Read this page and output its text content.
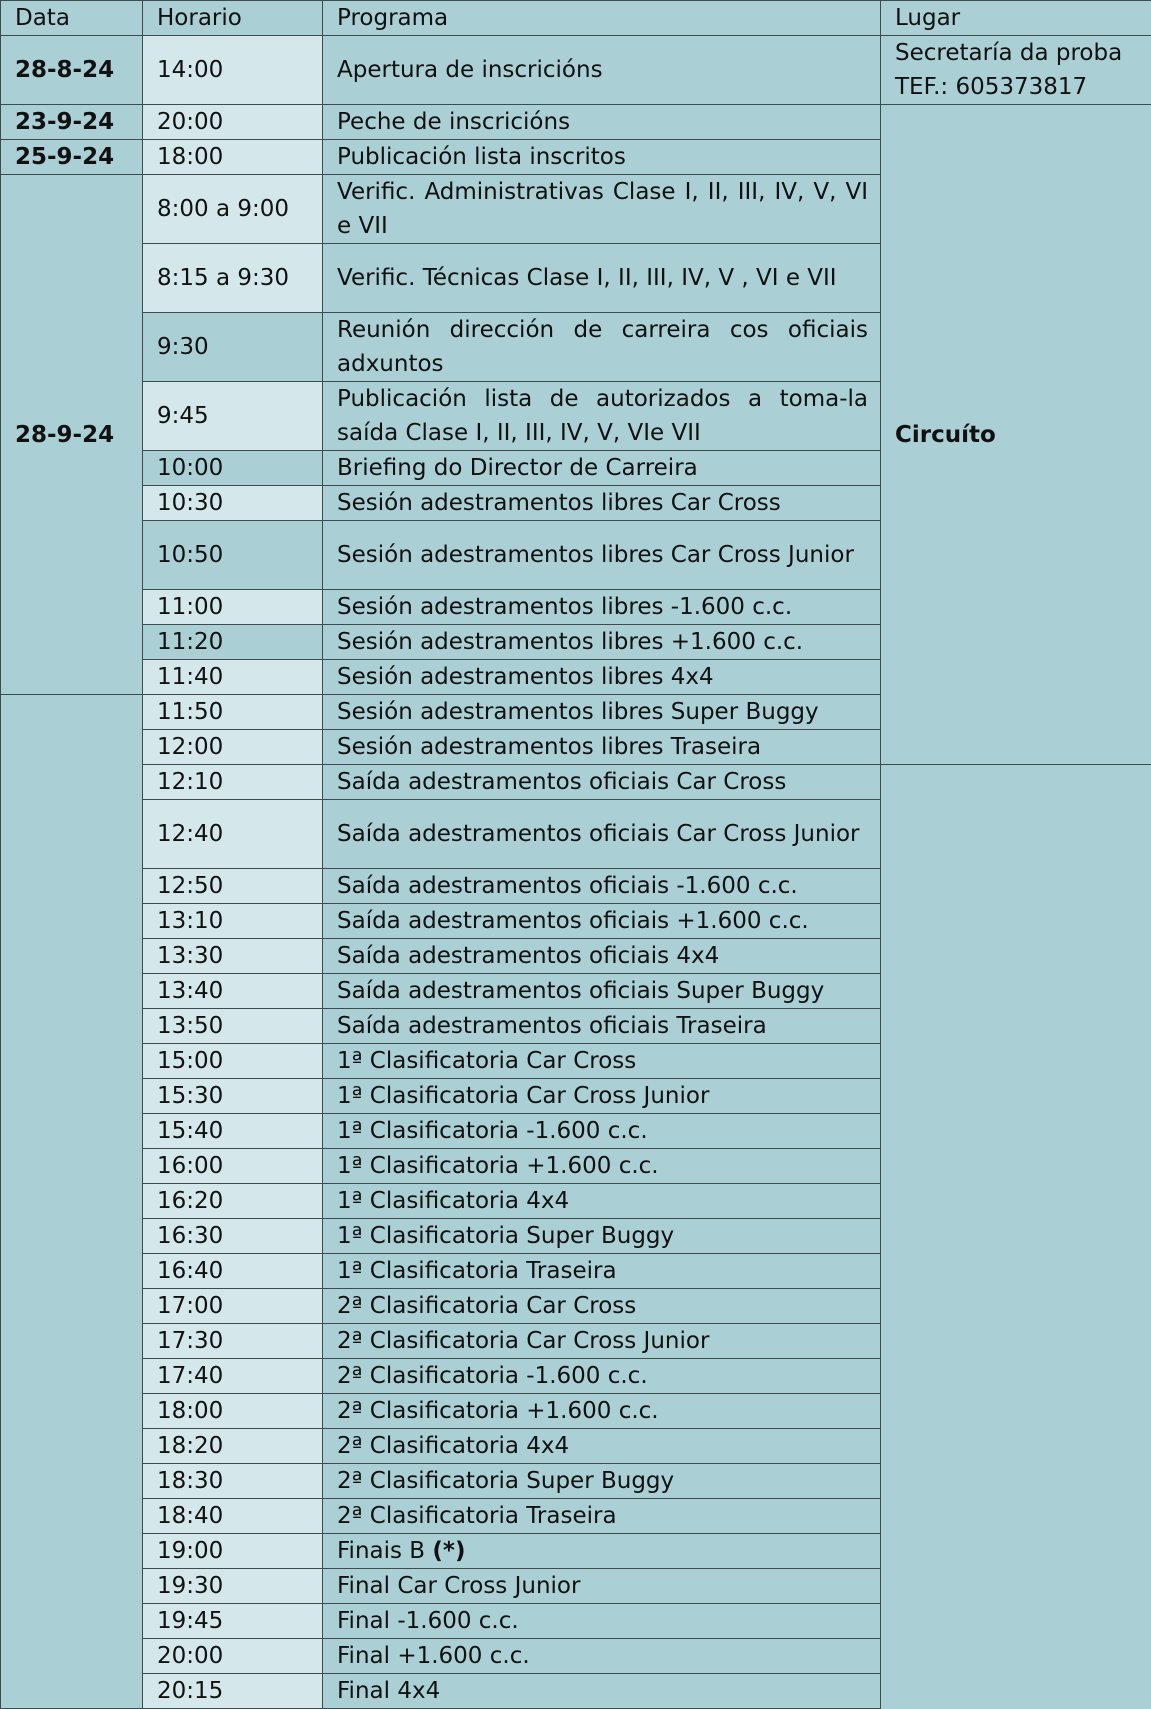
Data	Horario	Programa	Lugar	
28-8-24	14:00	Apertura de inscricións	Secretaría da proba
TEF.: 605373817	

23-9-24	20:00	Peche de inscricións	Circuíto	
25-9-24	18:00	Publicación lista inscritos		
28-9-24	8:00 a 9:00	Verific. Administrativas Clase I, II, III, IV, V, VI e VII		
	8:15 a 9:30	Verific. Técnicas Clase I, II, III, IV, V , VI e VII		
	9:30	Reunión dirección de carreira cos oficiais adxuntos		
	9:45	Publicación lista de autorizados a toma-la saída Clase I, II, III, IV, V, VIe VII		
	10:00	Briefing do Director de Carreira		
	10:30	Sesión adestramentos libres Car Cross		
	10:50	Sesión adestramentos libres Car Cross Junior		
	11:00	Sesión adestramentos libres -1.600 c.c.		
	11:20	Sesión adestramentos libres +1.600 c.c.		
	11:40	Sesión adestramentos libres 4x4		
	11:50	Sesión adestramentos libres Super Buggy		
	12:00	Sesión adestramentos libres Traseira		
	12:10	Saída adestramentos oficiais Car Cross		
	12:40	Saída adestramentos oficiais Car Cross Junior		
	12:50	Saída adestramentos oficiais -1.600 c.c.		
	13:10	Saída adestramentos oficiais +1.600 c.c.		
	13:30	Saída adestramentos oficiais 4x4		
	13:40	Saída adestramentos oficiais Super Buggy		
	13:50	Saída adestramentos oficiais Traseira		
	15:00	1ª Clasificatoria Car Cross		
	15:30	1ª Clasificatoria Car Cross Junior		
	15:40	1ª Clasificatoria -1.600 c.c.		
	16:00	1ª Clasificatoria +1.600 c.c.		
	16:20	1ª Clasificatoria 4x4		
	16:30	1ª Clasificatoria Super Buggy		
	16:40	1ª Clasificatoria Traseira		
	17:00	2ª Clasificatoria Car Cross		
	17:30	2ª Clasificatoria Car Cross Junior		
	17:40	2ª Clasificatoria -1.600 c.c.		
	18:00	2ª Clasificatoria +1.600 c.c.		
	18:20	2ª Clasificatoria 4x4		
	18:30	2ª Clasificatoria Super Buggy		
	18:40	2ª Clasificatoria Traseira		
	19:00	Finais B (*)		
	19:30	Final Car Cross Junior		
	19:45	Final -1.600 c.c.		
	20:00	Final +1.600 c.c.		
	20:15	Final 4x4		
